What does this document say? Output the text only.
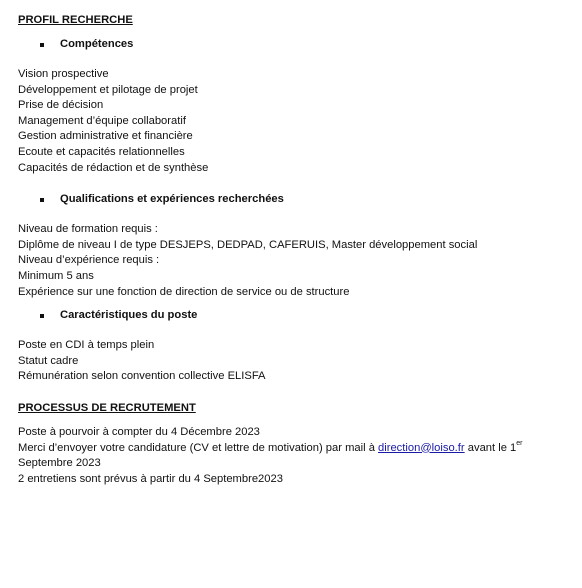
PROFIL RECHERCHE
Compétences
Vision prospective
Développement et pilotage de projet
Prise de décision
Management d’équipe collaboratif
Gestion administrative et financière
Ecoute et capacités relationnelles
Capacités de rédaction et de synthèse
Qualifications et expériences recherchées
Niveau de formation requis :
Diplôme de niveau I de type DESJEPS, DEDPAD, CAFERUIS, Master développement social
Niveau d’expérience requis :
Minimum 5 ans
Expérience sur une fonction de direction de service ou de structure
Caractéristiques du poste
Poste en CDI à temps plein
Statut cadre
Rémunération selon convention collective ELISFA
PROCESSUS DE RECRUTEMENT
Poste à pourvoir à compter du 4 Décembre 2023
Merci d’envoyer votre candidature (CV et lettre de motivation) par mail à direction@loiso.fr avant le 1er
Septembre 2023
2 entretiens sont prévus à partir du 4 Septembre2023
